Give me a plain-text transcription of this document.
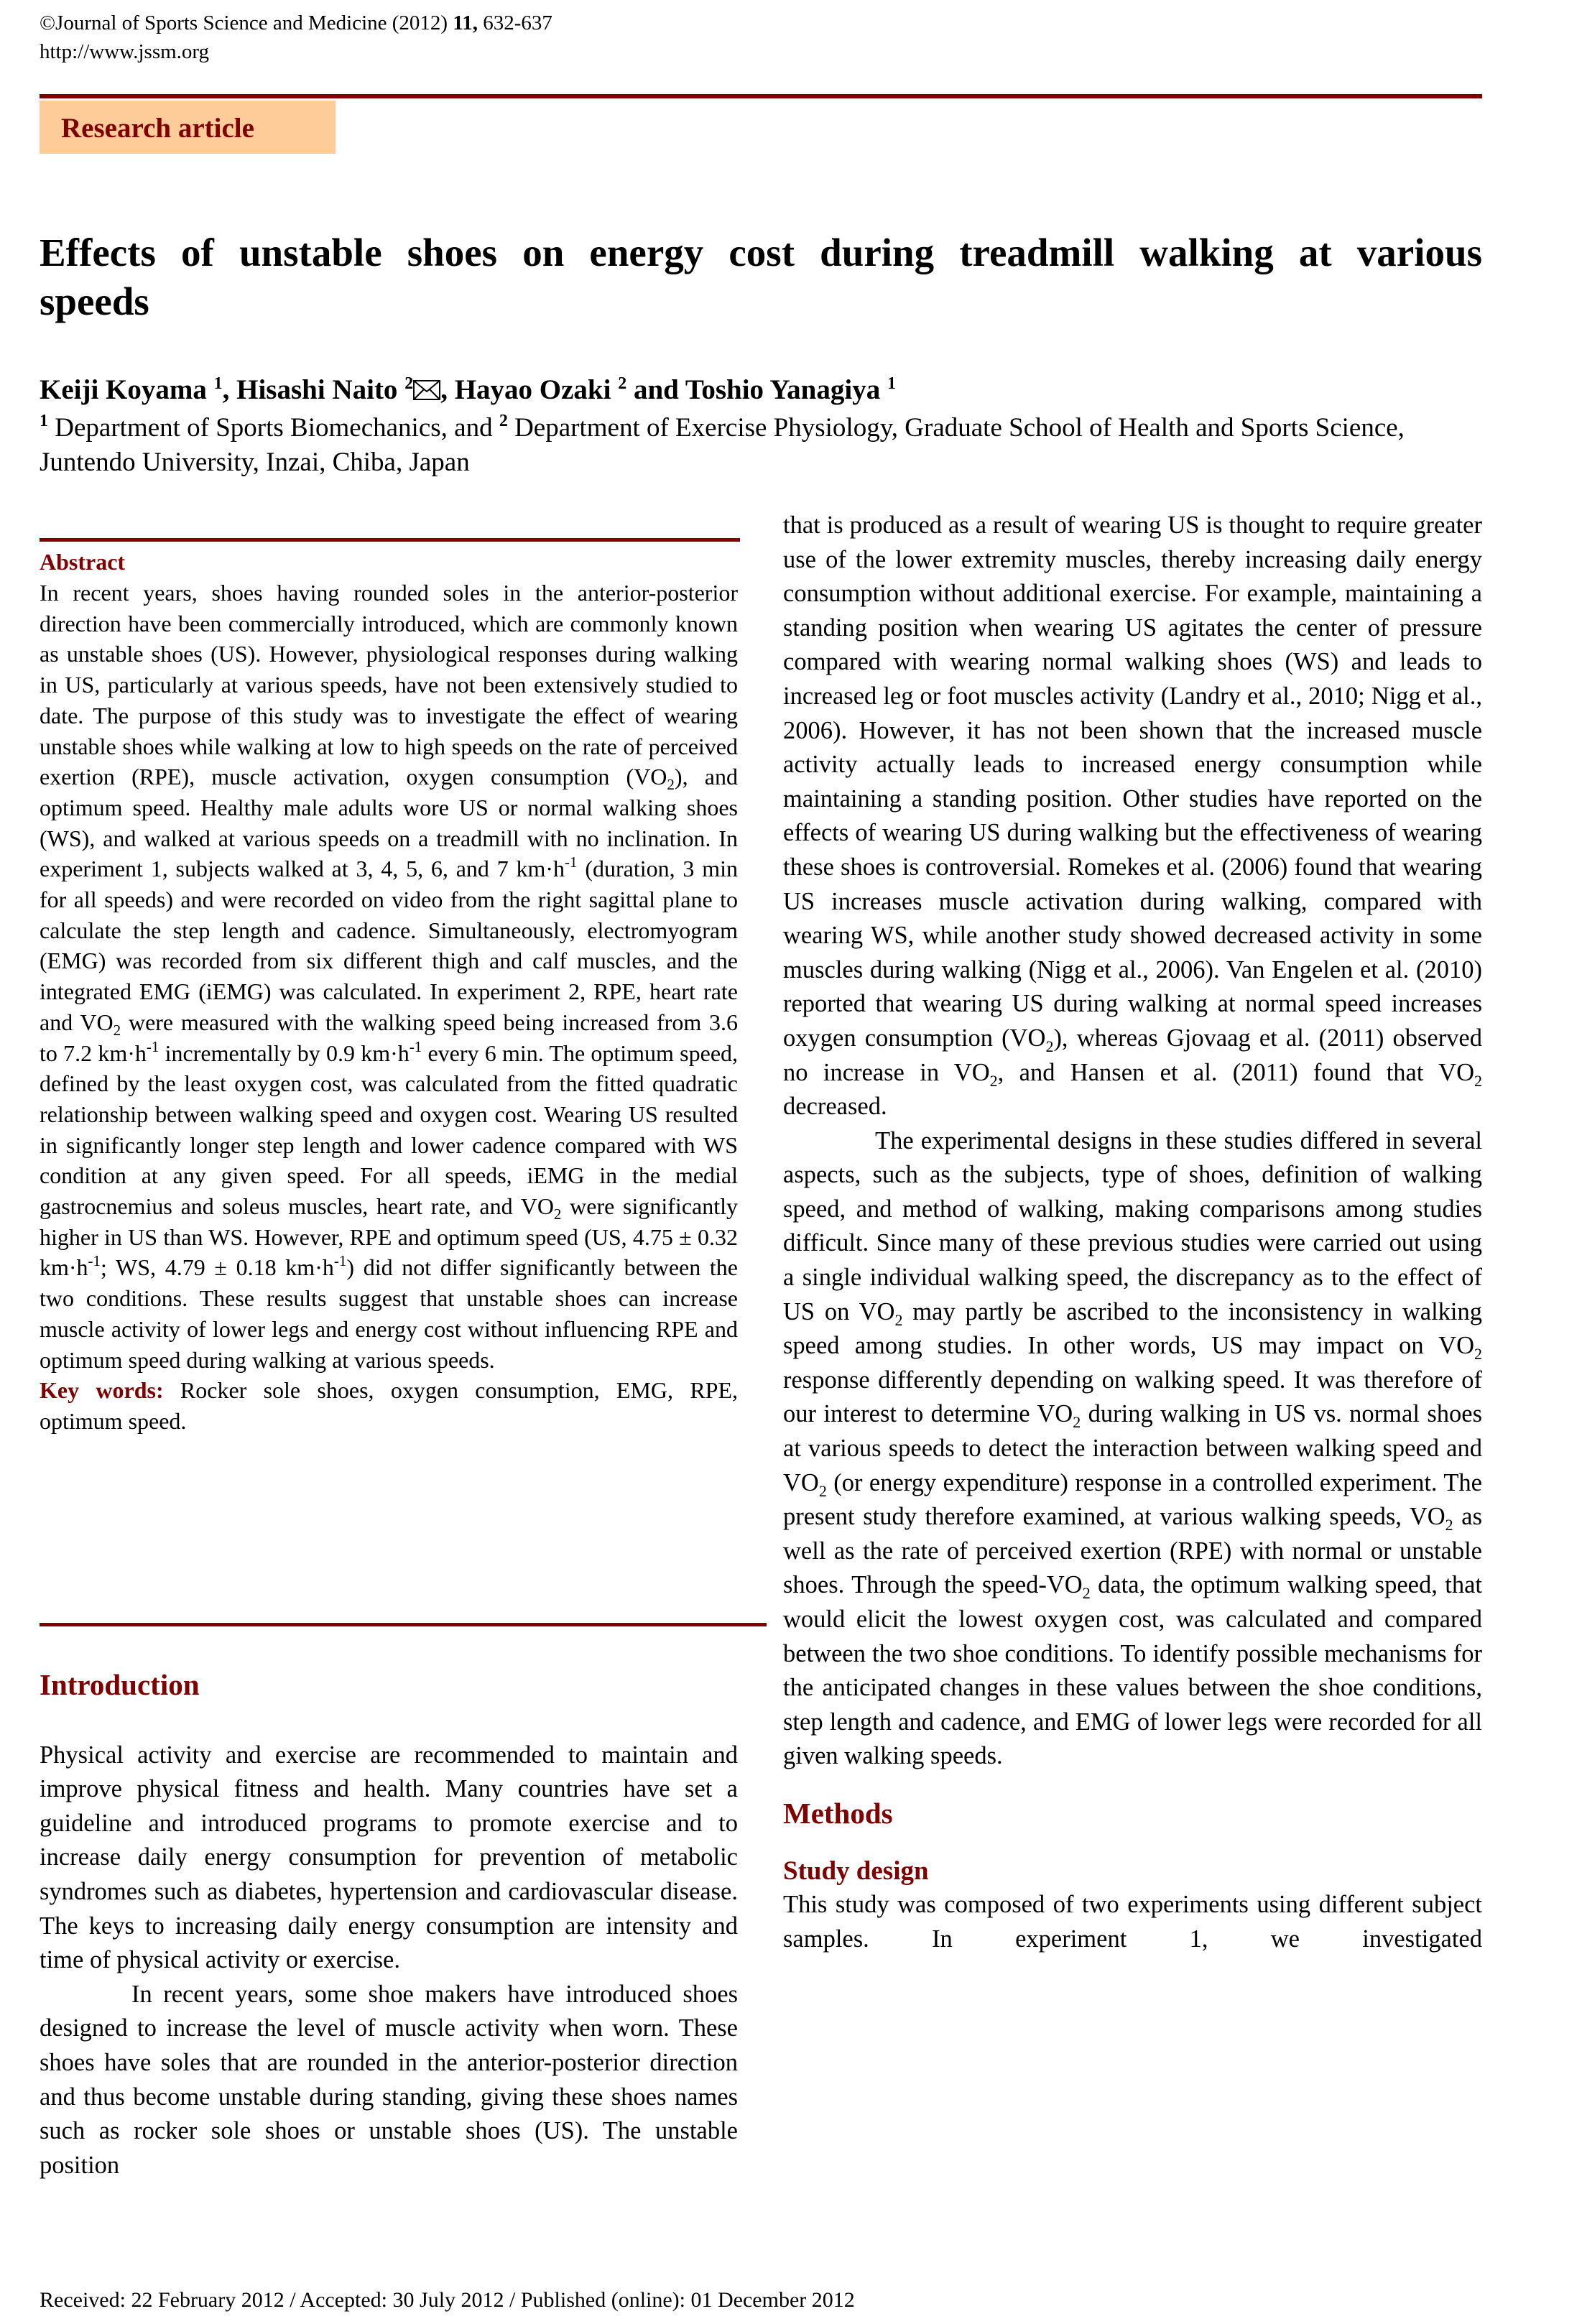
©Journal of Sports Science and Medicine (2012) 11, 632-637
http://www.jssm.org
Research article
Effects of unstable shoes on energy cost during treadmill walking at various
speeds
Keiji Koyama $^1$, Hisashi Naito $^2$ , Hayao Ozaki $^2$ and Toshio Yanagiya $^1$
$^1$ Department of Sports Biomechanics, and $^2$ Department of Exercise Physiology, Graduate School of Health and Sports Science, Juntendo University, Inzai, Chiba, Japan
Abstract

In recent years, shoes having rounded soles in the anterior-posterior direction have been commercially introduced, which are commonly known as unstable shoes (US). However, physiological responses during walking in US, particularly at various speeds, have not been extensively studied to date. The purpose of this study was to investigate the effect of wearing unstable shoes while walking at low to high speeds on the rate of perceived exertion (RPE), muscle activation, oxygen consumption $(VO_2)$, and optimum speed. Healthy male adults wore US or normal walking shoes (WS), and walked at various speeds on a treadmill with no inclination. In experiment 1, subjects walked at 3, 4, 5, 6, and 7 $km\cdot h^{-1}$ (duration, 3 min for all speeds) and were recorded on video from the right sagittal plane to calculate the step length and cadence. Simultaneously, electromyogram (EMG) was recorded from six different thigh and calf muscles, and the integrated EMG (iEMG) was calculated. In experiment 2, RPE, heart rate and $VO_2$ were measured with the walking speed being increased from 3.6 to 7.2 $km\cdot h^{-1}$ incrementally by 0.9 $km\cdot h^{-1}$ every 6 min. The optimum speed, defined by the least oxygen cost, was calculated from the fitted quadratic relationship between walking speed and oxygen cost. Wearing US resulted in significantly longer step length and lower cadence compared with WS condition at any given speed. For all speeds, iEMG in the medial gastrocnemius and soleus muscles, heart rate, and $VO_2$ were significantly higher in US than WS. However, RPE and optimum speed (US, 4.75 ± 0.32 $km\cdot h^{-1}$; WS, 4.79 ± 0.18 $km\cdot h^{-1}$) did not differ significantly between the two conditions. These results suggest that unstable shoes can increase muscle activity of lower legs and energy cost without influencing RPE and optimum speed during walking at various speeds.

Key words: Rocker sole shoes, oxygen consumption, EMG, RPE, optimum speed.

Introduction

Physical activity and exercise are recommended to maintain and improve physical fitness and health. Many countries have set a guideline and introduced programs to promote exercise and to increase daily energy consumption for prevention of metabolic syndromes such as diabetes, hypertension and cardiovascular disease. The keys to increasing daily energy consumption are intensity and time of physical activity or exercise.

In recent years, some shoe makers have introduced shoes designed to increase the level of muscle activity when worn. These shoes have soles that are rounded in the anterior-posterior direction and thus become unstable during standing, giving these shoes names such as rocker sole shoes or unstable shoes (US). The unstable position

that is produced as a result of wearing US is thought to require greater use of the lower extremity muscles, thereby increasing daily energy consumption without additional exercise. For example, maintaining a standing position when wearing US agitates the center of pressure compared with wearing normal walking shoes (WS) and leads to increased leg or foot muscles activity (Landry et al., 2010; Nigg et al., 2006). However, it has not been shown that the increased muscle activity actually leads to increased energy consumption while maintaining a standing position. Other studies have reported on the effects of wearing US during walking but the effectiveness of wearing these shoes is controversial. Romekes et al. (2006) found that wearing US increases muscle activation during walking, compared with wearing WS, while another study showed decreased activity in some muscles during walking (Nigg et al., 2006). Van Engelen et al. (2010) reported that wearing US during walking at normal speed increases oxygen consumption $(VO_2)$, whereas Gjovaag et al. (2011) observed no increase in $VO_2$, and Hansen et al. (2011) found that $VO_2$ decreased.

The experimental designs in these studies differed in several aspects, such as the subjects, type of shoes, definition of walking speed, and method of walking, making comparisons among studies difficult. Since many of these previous studies were carried out using a single individual walking speed, the discrepancy as to the effect of US on $VO_2$ may partly be ascribed to the inconsistency in walking speed among studies. In other words, US may impact on $VO_2$ response differently depending on walking speed. It was therefore of our interest to determine $VO_2$ during walking in US vs. normal shoes at various speeds to detect the interaction between walking speed and $VO_2$ (or energy expenditure) response in a controlled experiment. The present study therefore examined, at various walking speeds, $VO_2$ as well as the rate of perceived exertion (RPE) with normal or unstable shoes. Through the speed-$VO_2$ data, the optimum walking speed, that would elicit the lowest oxygen cost, was calculated and compared between the two shoe conditions. To identify possible mechanisms for the anticipated changes in these values between the shoe conditions, step length and cadence, and EMG of lower legs were recorded for all given walking speeds.

Methods
Study design

This study was composed of two experiments using different subject samples. In experiment 1, we investigated

Received: 22 February 2012 / Accepted: 30 July 2012 / Published (online): 01 December 2012
